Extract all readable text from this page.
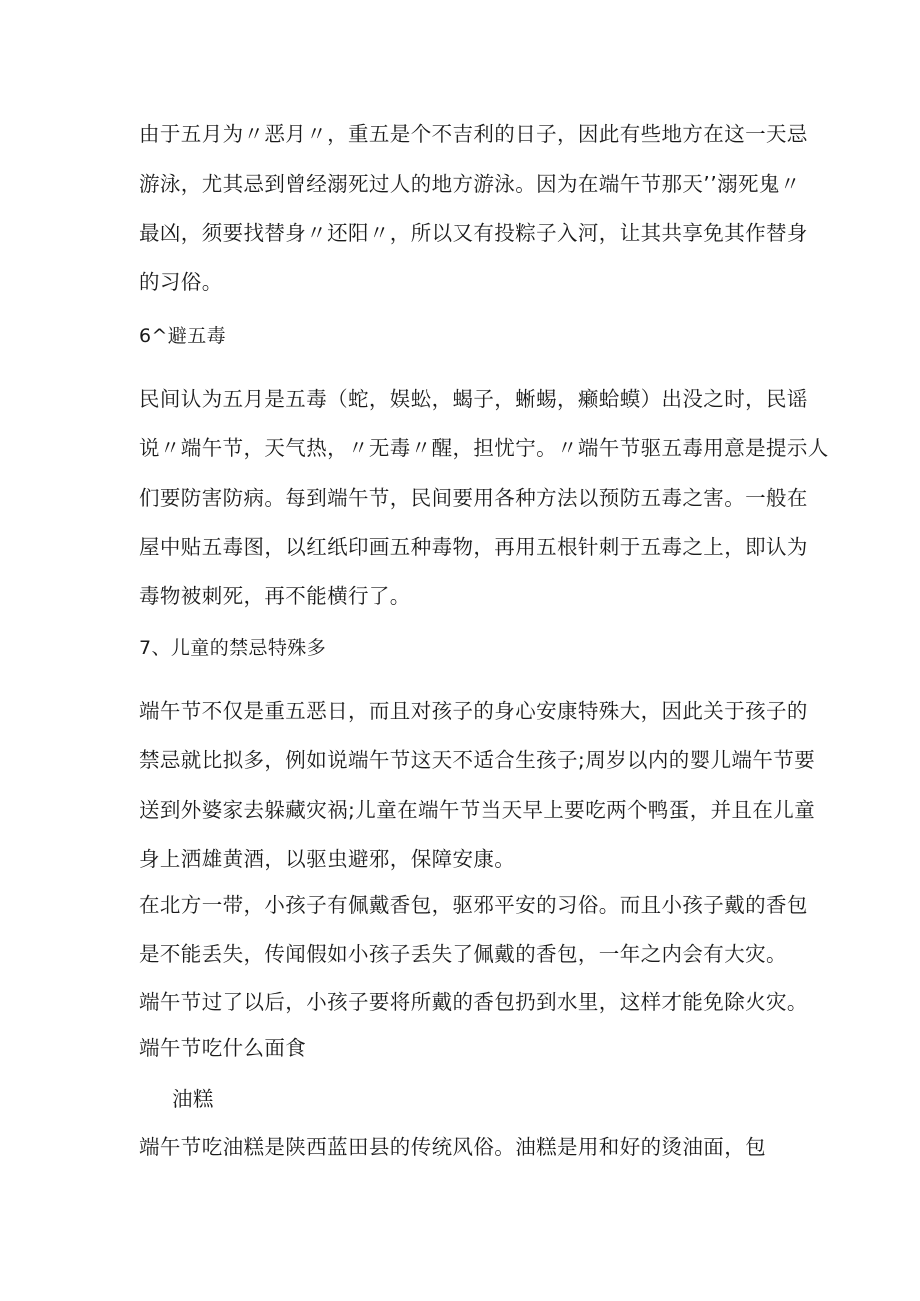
由于五月为〃恶月〃，重五是个不吉利的日子，因此有些地方在这一天忌
游泳，尤其忌到曾经溺死过人的地方游泳。因为在端午节那天’’溺死鬼〃
最凶，须要找替身〃还阳〃，所以又有投粽子入河，让其共享免其作替身
的习俗。
6^避五毒
民间认为五月是五毒（蛇，娱蚣，蝎子，蜥蜴，癞蛤蟆）出没之时，民谣
说〃端午节，天气热，〃无毒〃醒，担忧宁。〃端午节驱五毒用意是提示人
们要防害防病。每到端午节，民间要用各种方法以预防五毒之害。一般在
屋中贴五毒图，以红纸印画五种毒物，再用五根针刺于五毒之上，即认为
毒物被刺死，再不能横行了。
7、儿童的禁忌特殊多
端午节不仅是重五恶日，而且对孩子的身心安康特殊大，因此关于孩子的
禁忌就比拟多，例如说端午节这天不适合生孩子;周岁以内的婴儿端午节要
送到外婆家去躲藏灾祸;儿童在端午节当天早上要吃两个鸭蛋，并且在儿童
身上洒雄黄酒，以驱虫避邪，保障安康。
在北方一带，小孩子有佩戴香包，驱邪平安的习俗。而且小孩子戴的香包
是不能丢失，传闻假如小孩子丢失了佩戴的香包，一年之内会有大灾。
端午节过了以后，小孩子要将所戴的香包扔到水里，这样才能免除火灾。
端午节吃什么面食
油糕
端午节吃油糕是陕西蓝田县的传统风俗。油糕是用和好的烫油面，包
